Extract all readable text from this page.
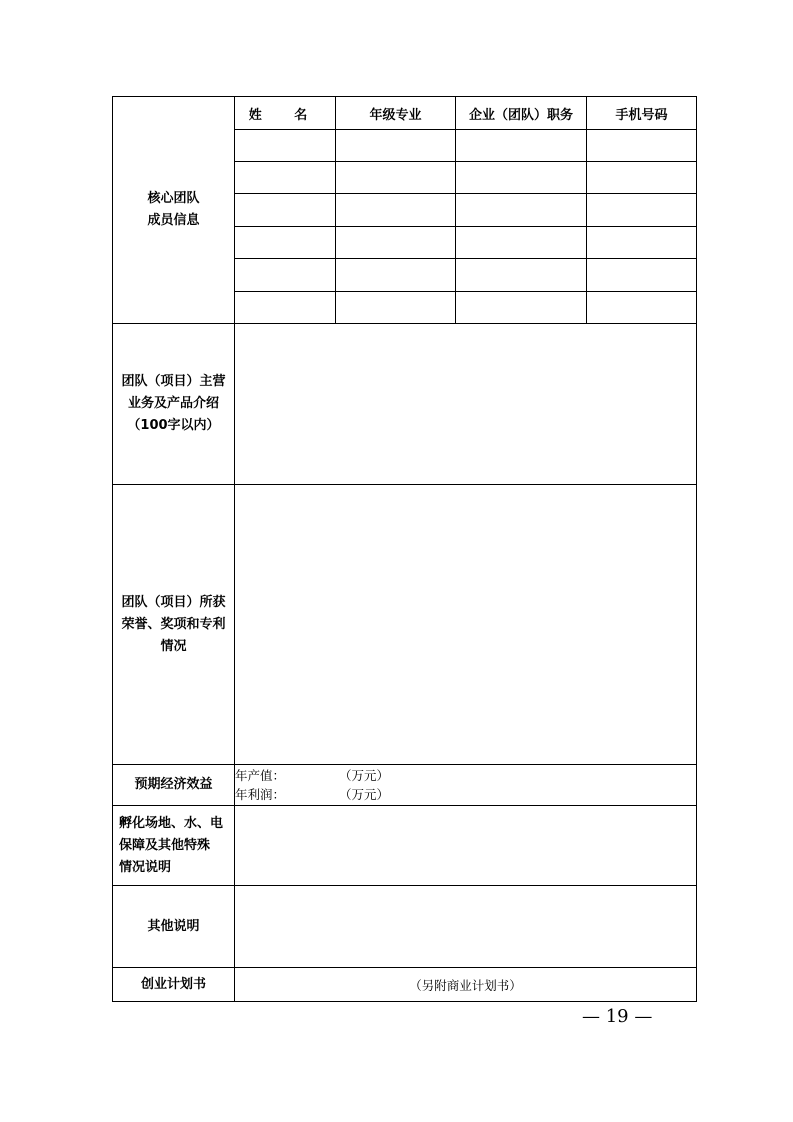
核心团队
成员信息	姓 名	年级专业	企业（团队）职务	手机号码

团队（项目）主营
业务及产品介绍
（100字以内）				

团队（项目）所获
荣誉、奖项和专利
情况				

预期经济效益	年产值： （万元）
年利润： （万元）			

孵化场地、水、电
保障及其他特殊
情况说明				

其他说明				
创业计划书	（另附商业计划书）			
— 19 —
